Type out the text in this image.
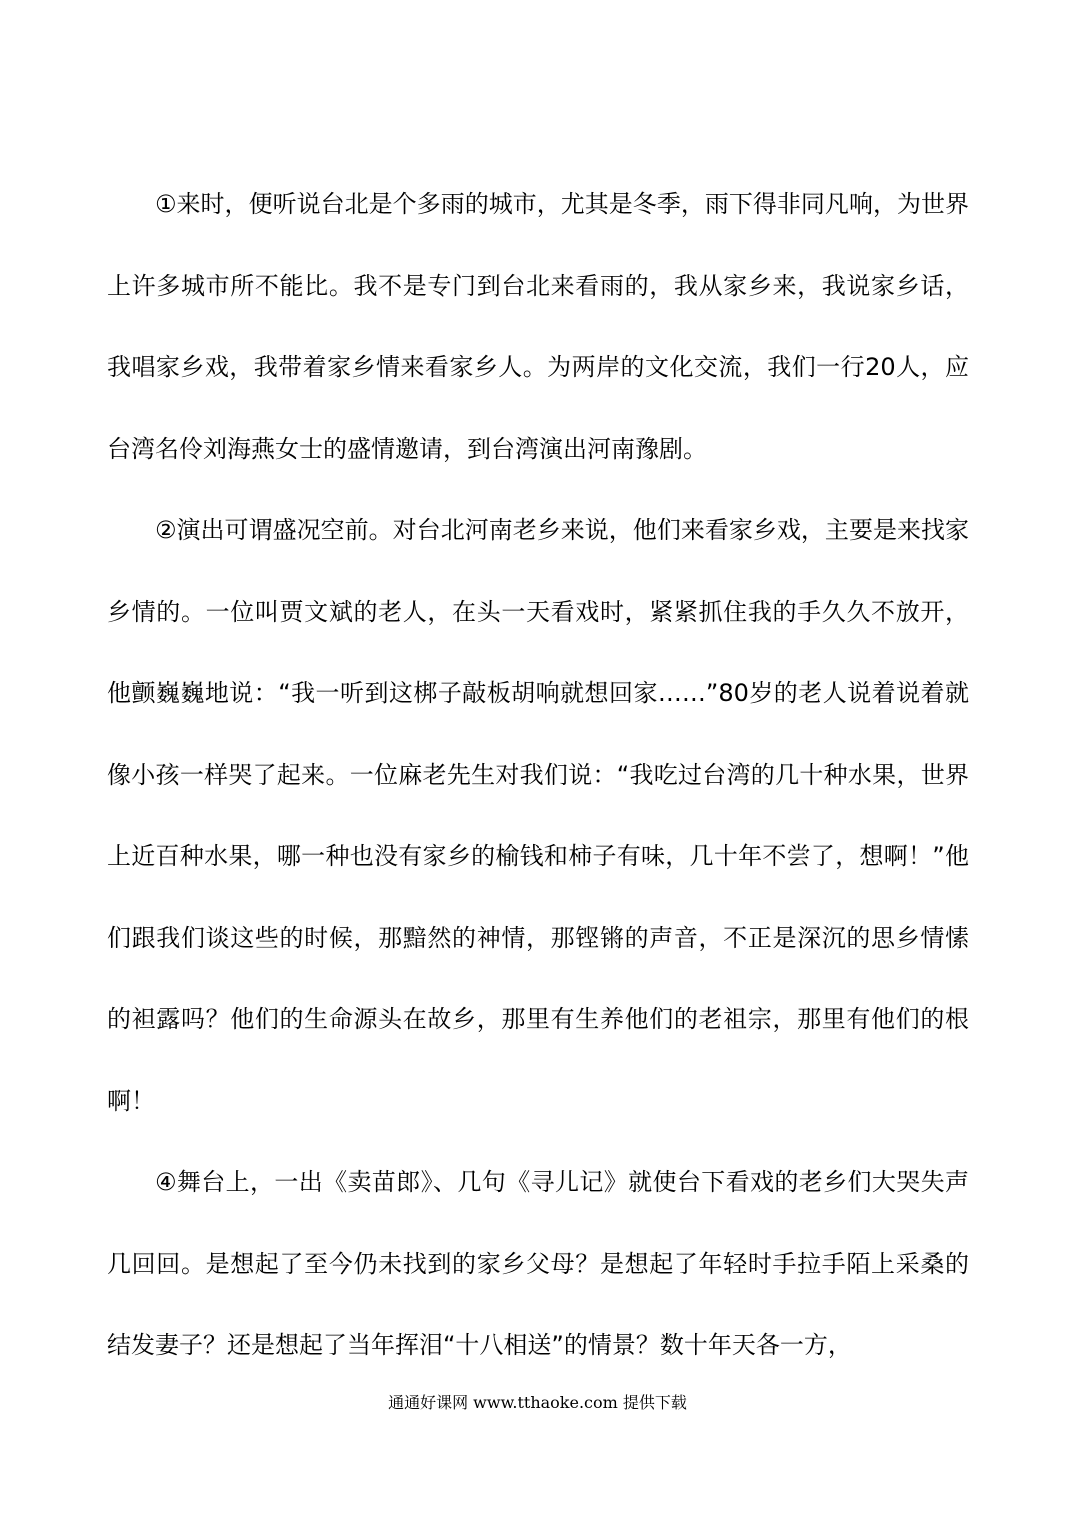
①来时，便听说台北是个多雨的城市，尤其是冬季，雨下得非同凡响，为世界上许多城市所不能比。我不是专门到台北来看雨的，我从家乡来，我说家乡话，我唱家乡戏，我带着家乡情来看家乡人。为两岸的文化交流，我们一行20人，应台湾名伶刘海燕女士的盛情邀请，到台湾演出河南豫剧。

②演出可谓盛况空前。对台北河南老乡来说，他们来看家乡戏，主要是来找家乡情的。一位叫贾文斌的老人，在头一天看戏时，紧紧抓住我的手久久不放开，他颤巍巍地说：“我一听到这梆子敲板胡响就想回家……”80岁的老人说着说着就像小孩一样哭了起来。一位麻老先生对我们说：“我吃过台湾的几十种水果，世界上近百种水果，哪一种也没有家乡的榆钱和柿子有味，几十年不尝了，想啊！”他们跟我们谈这些的时候，那黯然的神情，那铿锵的声音，不正是深沉的思乡情愫的袒露吗？他们的生命源头在故乡，那里有生养他们的老祖宗，那里有他们的根啊！

④舞台上，一出《卖苗郎》、几句《寻儿记》就使台下看戏的老乡们大哭失声几回回。是想起了至今仍未找到的家乡父母？是想起了年轻时手拉手陌上采桑的结发妻子？还是想起了当年挥泪“十八相送”的情景？数十年天各一方，

通通好课网 www.tthaoke.com 提供下载
